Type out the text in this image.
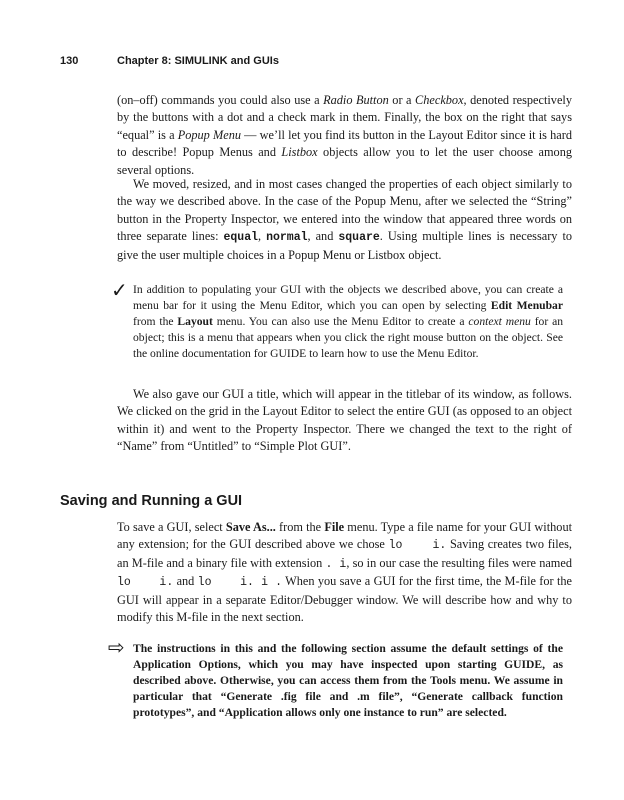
130	Chapter 8: SIMULINK and GUIs

(on–off) commands you could also use a Radio Button or a Checkbox, denoted respectively by the buttons with a dot and a check mark in them. Finally, the box on the right that says “equal” is a Popup Menu — we’ll let you find its button in the Layout Editor since it is hard to describe! Popup Menus and Listbox objects allow you to let the user choose among several options.

We moved, resized, and in most cases changed the properties of each object similarly to the way we described above. In the case of the Popup Menu, after we selected the “String” button in the Property Inspector, we entered into the window that appeared three words on three separate lines: equal, normal, and square. Using multiple lines is necessary to give the user multiple choices in a Popup Menu or Listbox object.

✓ In addition to populating your GUI with the objects we described above, you can create a menu bar for it using the Menu Editor, which you can open by selecting Edit Menubar from the Layout menu. You can also use the Menu Editor to create a context menu for an object; this is a menu that appears when you click the right mouse button on the object. See the online documentation for GUIDE to learn how to use the Menu Editor.

We also gave our GUI a title, which will appear in the titlebar of its window, as follows. We clicked on the grid in the Layout Editor to select the entire GUI (as opposed to an object within it) and went to the Property Inspector. There we changed the text to the right of “Name” from “Untitled” to “Simple Plot GUI”.

Saving and Running a GUI

To save a GUI, select Save As... from the File menu. Type a file name for your GUI without any extension; for the GUI described above we chose lo    i. Saving creates two files, an M-file and a binary file with extension . i, so in our case the resulting files were named lo    i. and lo    i. i . When you save a GUI for the first time, the M-file for the GUI will appear in a separate Editor/Debugger window. We will describe how and why to modify this M-file in the next section.

⇨ The instructions in this and the following section assume the default settings of the Application Options, which you may have inspected upon starting GUIDE, as described above. Otherwise, you can access them from the Tools menu. We assume in particular that “Generate .fig file and .m file”, “Generate callback function prototypes”, and “Application allows only one instance to run” are selected.
